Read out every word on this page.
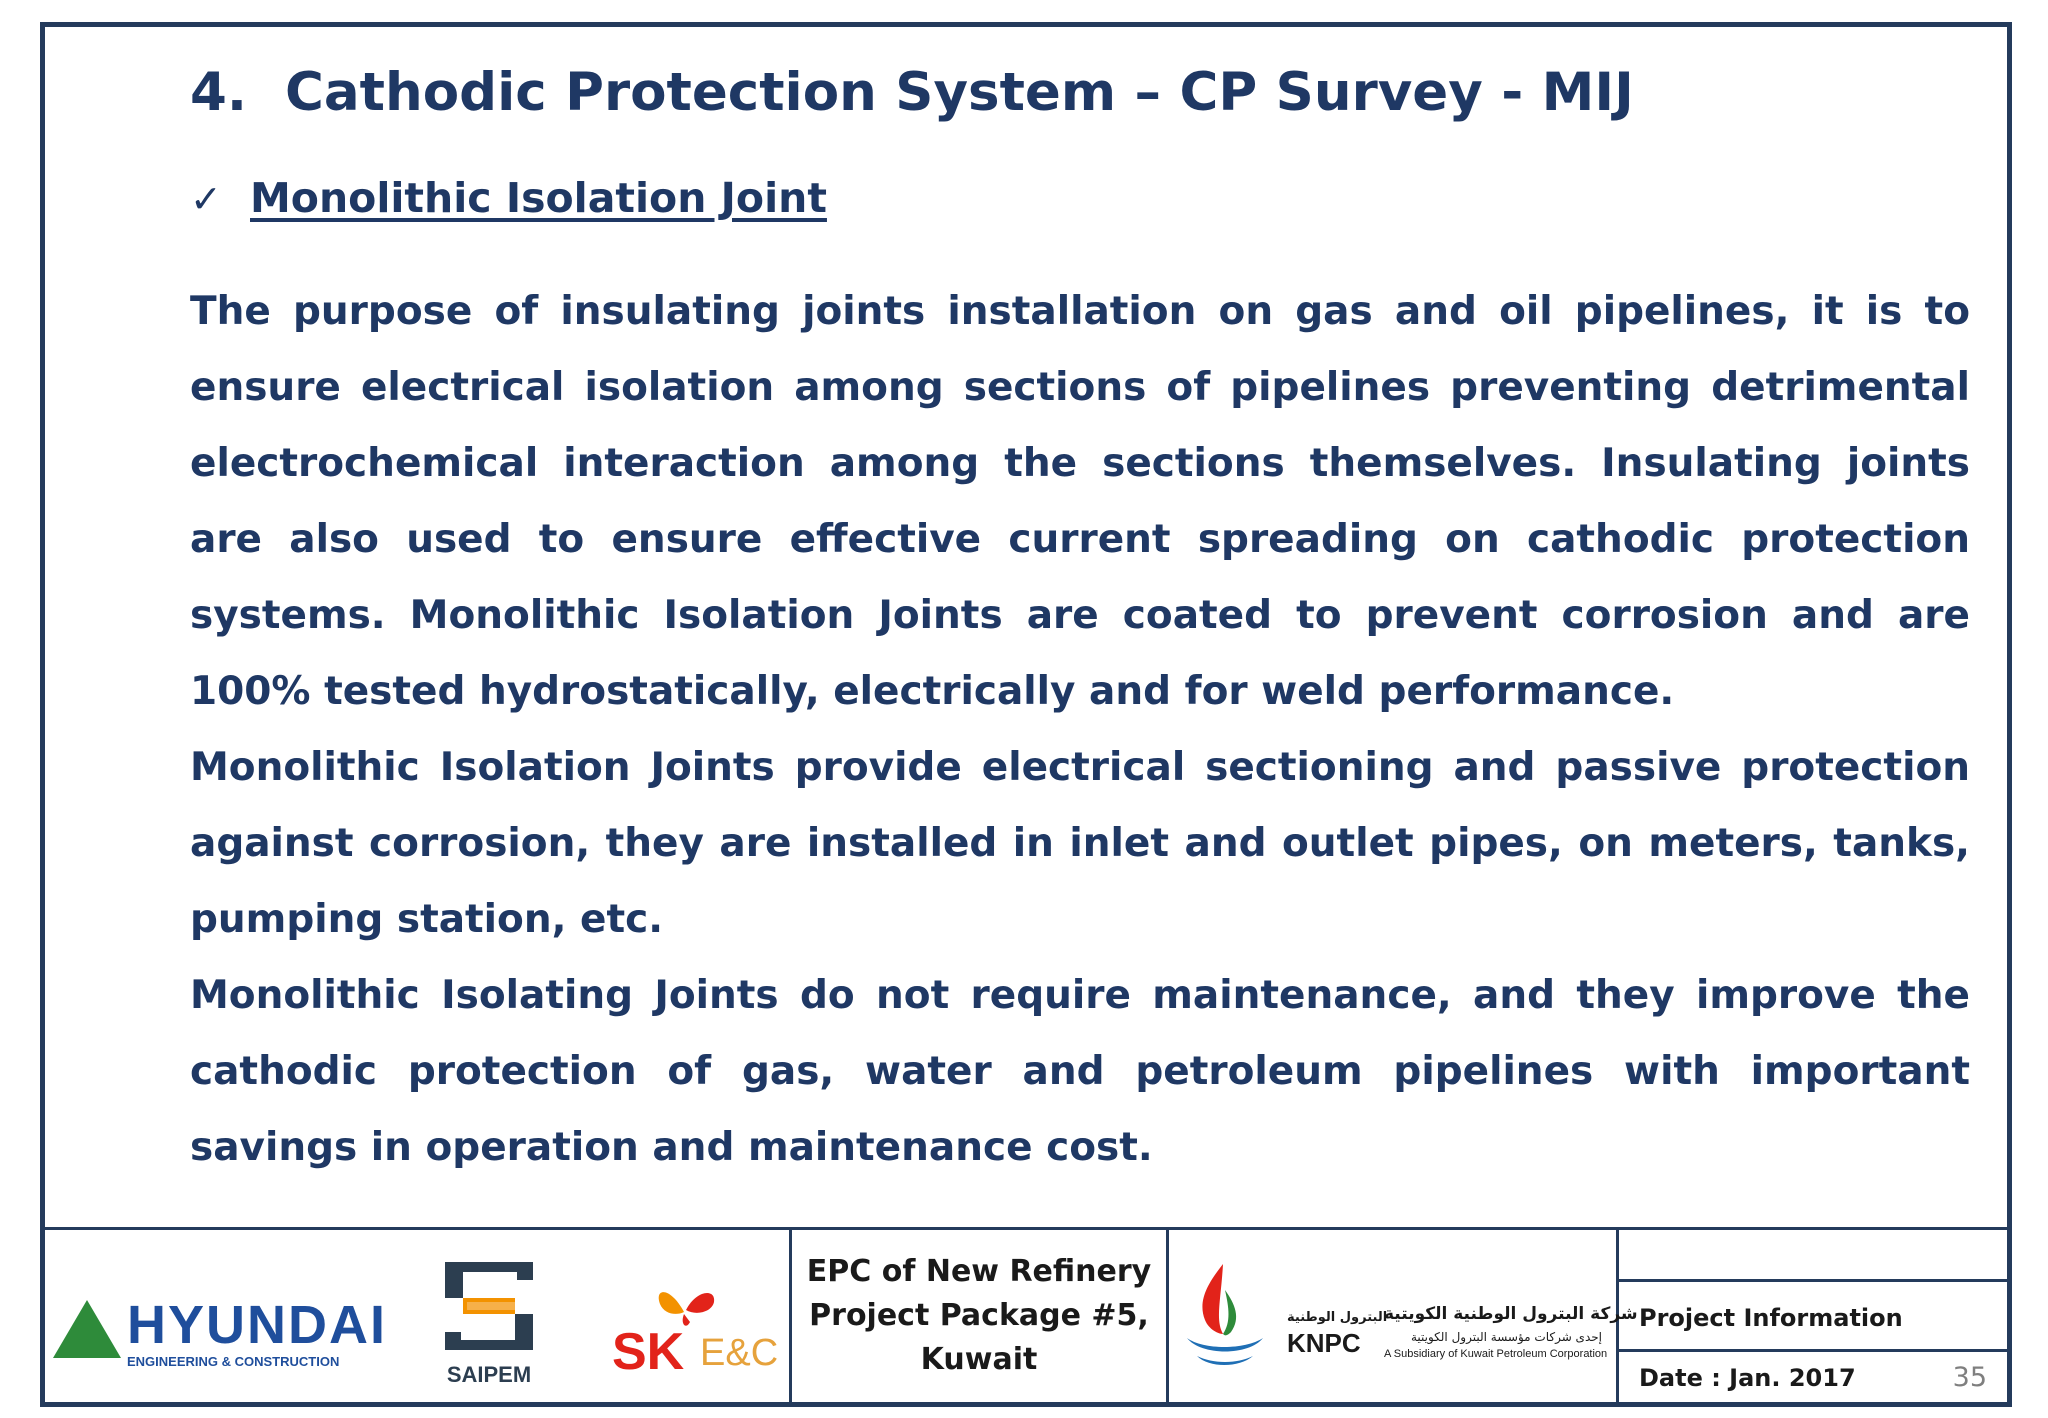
4. Cathodic Protection System – CP Survey - MIJ
✓ Monolithic Isolation Joint

The purpose of insulating joints installation on gas and oil pipelines, it is to ensure electrical isolation among sections of pipelines preventing detrimental electrochemical interaction among the sections themselves. Insulating joints are also used to ensure effective current spreading on cathodic protection systems. Monolithic Isolation Joints are coated to prevent corrosion and are 100% tested hydrostatically, electrically and for weld performance.

Monolithic Isolation Joints provide electrical sectioning and passive protection against corrosion, they are installed in inlet and outlet pipes, on meters, tanks, pumping station, etc.

Monolithic Isolating Joints do not require maintenance, and they improve the cathodic protection of gas, water and petroleum pipelines with important savings in operation and maintenance cost.

HYUNDAI
ENGINEERING & CONSTRUCTION
SAIPEM SK E&C
EPC of New Refinery
Project Package #5,
Kuwait
البترول الوطنية
KNPC
شركة البترول الوطنية الكويتية
إحدى شركات مؤسسة البترول الكويتية
A Subsidiary of Kuwait Petroleum Corporation
Project Information
Date : Jan. 2017	35
